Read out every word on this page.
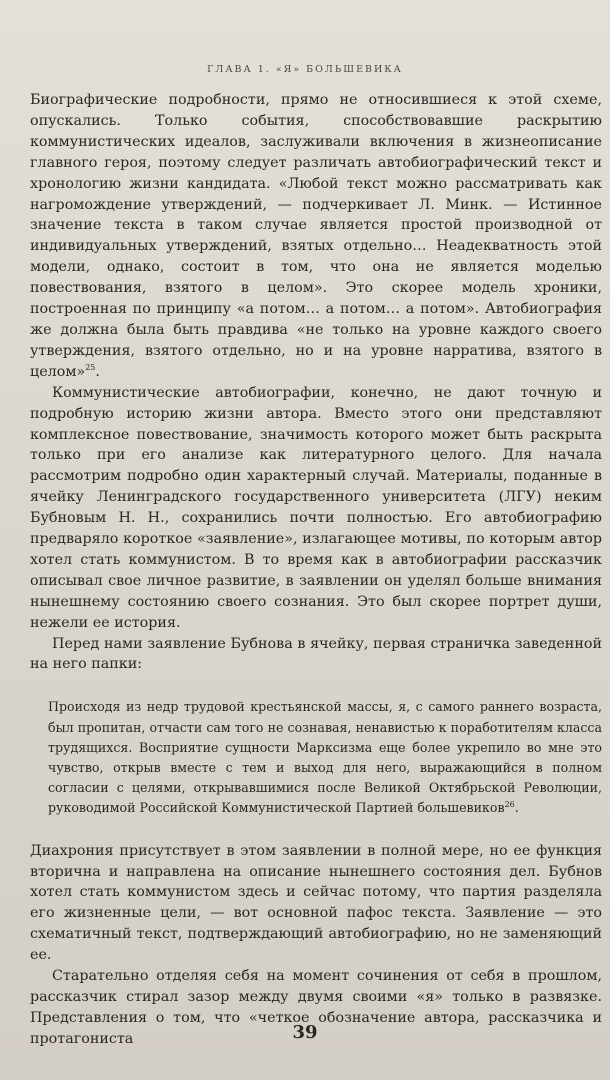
ГЛАВА 1. «Я» БОЛЬШЕВИКА

Биографические подробности, прямо не относившиеся к этой схеме, опускались. Только события, способствовавшие раскрытию коммунистических идеалов, заслуживали включения в жизнеописание главного героя, поэтому следует различать автобиографический текст и хронологию жизни кандидата. «Любой текст можно рассматривать как нагромождение утверждений, — подчеркивает Л. Минк. — Истинное значение текста в таком случае является простой производной от индивидуальных утверждений, взятых отдельно… Неадекватность этой модели, однако, состоит в том, что она не является моделью повествования, взятого в целом». Это скорее модель хроники, построенная по принципу «а потом… а потом… а потом». Автобиография же должна была быть правдива «не только на уровне каждого своего утверждения, взятого отдельно, но и на уровне нарратива, взятого в целом»$^{25}$.

Коммунистические автобиографии, конечно, не дают точную и подробную историю жизни автора. Вместо этого они представляют комплексное повествование, значимость которого может быть раскрыта только при его анализе как литературного целого. Для начала рассмотрим подробно один характерный случай. Материалы, поданные в ячейку Ленинградского государственного университета (ЛГУ) неким Бубновым Н. Н., сохранились почти полностью. Его автобиографию предваряло короткое «заявление», излагающее мотивы, по которым автор хотел стать коммунистом. В то время как в автобиографии рассказчик описывал свое личное развитие, в заявлении он уделял больше внимания нынешнему состоянию своего сознания. Это был скорее портрет души, нежели ее история.

Перед нами заявление Бубнова в ячейку, первая страничка заведенной на него папки:

Происходя из недр трудовой крестьянской массы, я, с самого раннего возраста, был пропитан, отчасти сам того не сознавая, ненавистью к поработителям класса трудящихся. Восприятие сущности Марксизма еще более укрепило во мне это чувство, открыв вместе с тем и выход для него, выражающийся в полном согласии с целями, открывавшимися после Великой Октябрьской Революции, руководимой Российской Коммунистической Партией большевиков$^{26}$.

Диахрония присутствует в этом заявлении в полной мере, но ее функция вторична и направлена на описание нынешнего состояния дел. Бубнов хотел стать коммунистом здесь и сейчас потому, что партия разделяла его жизненные цели, — вот основной пафос текста. Заявление — это схематичный текст, подтверждающий автобиографию, но не заменяющий ее.

Старательно отделяя себя на момент сочинения от себя в прошлом, рассказчик стирал зазор между двумя своими «я» только в развязке. Представления о том, что «четкое обозначение автора, рассказчика и протагониста	39
